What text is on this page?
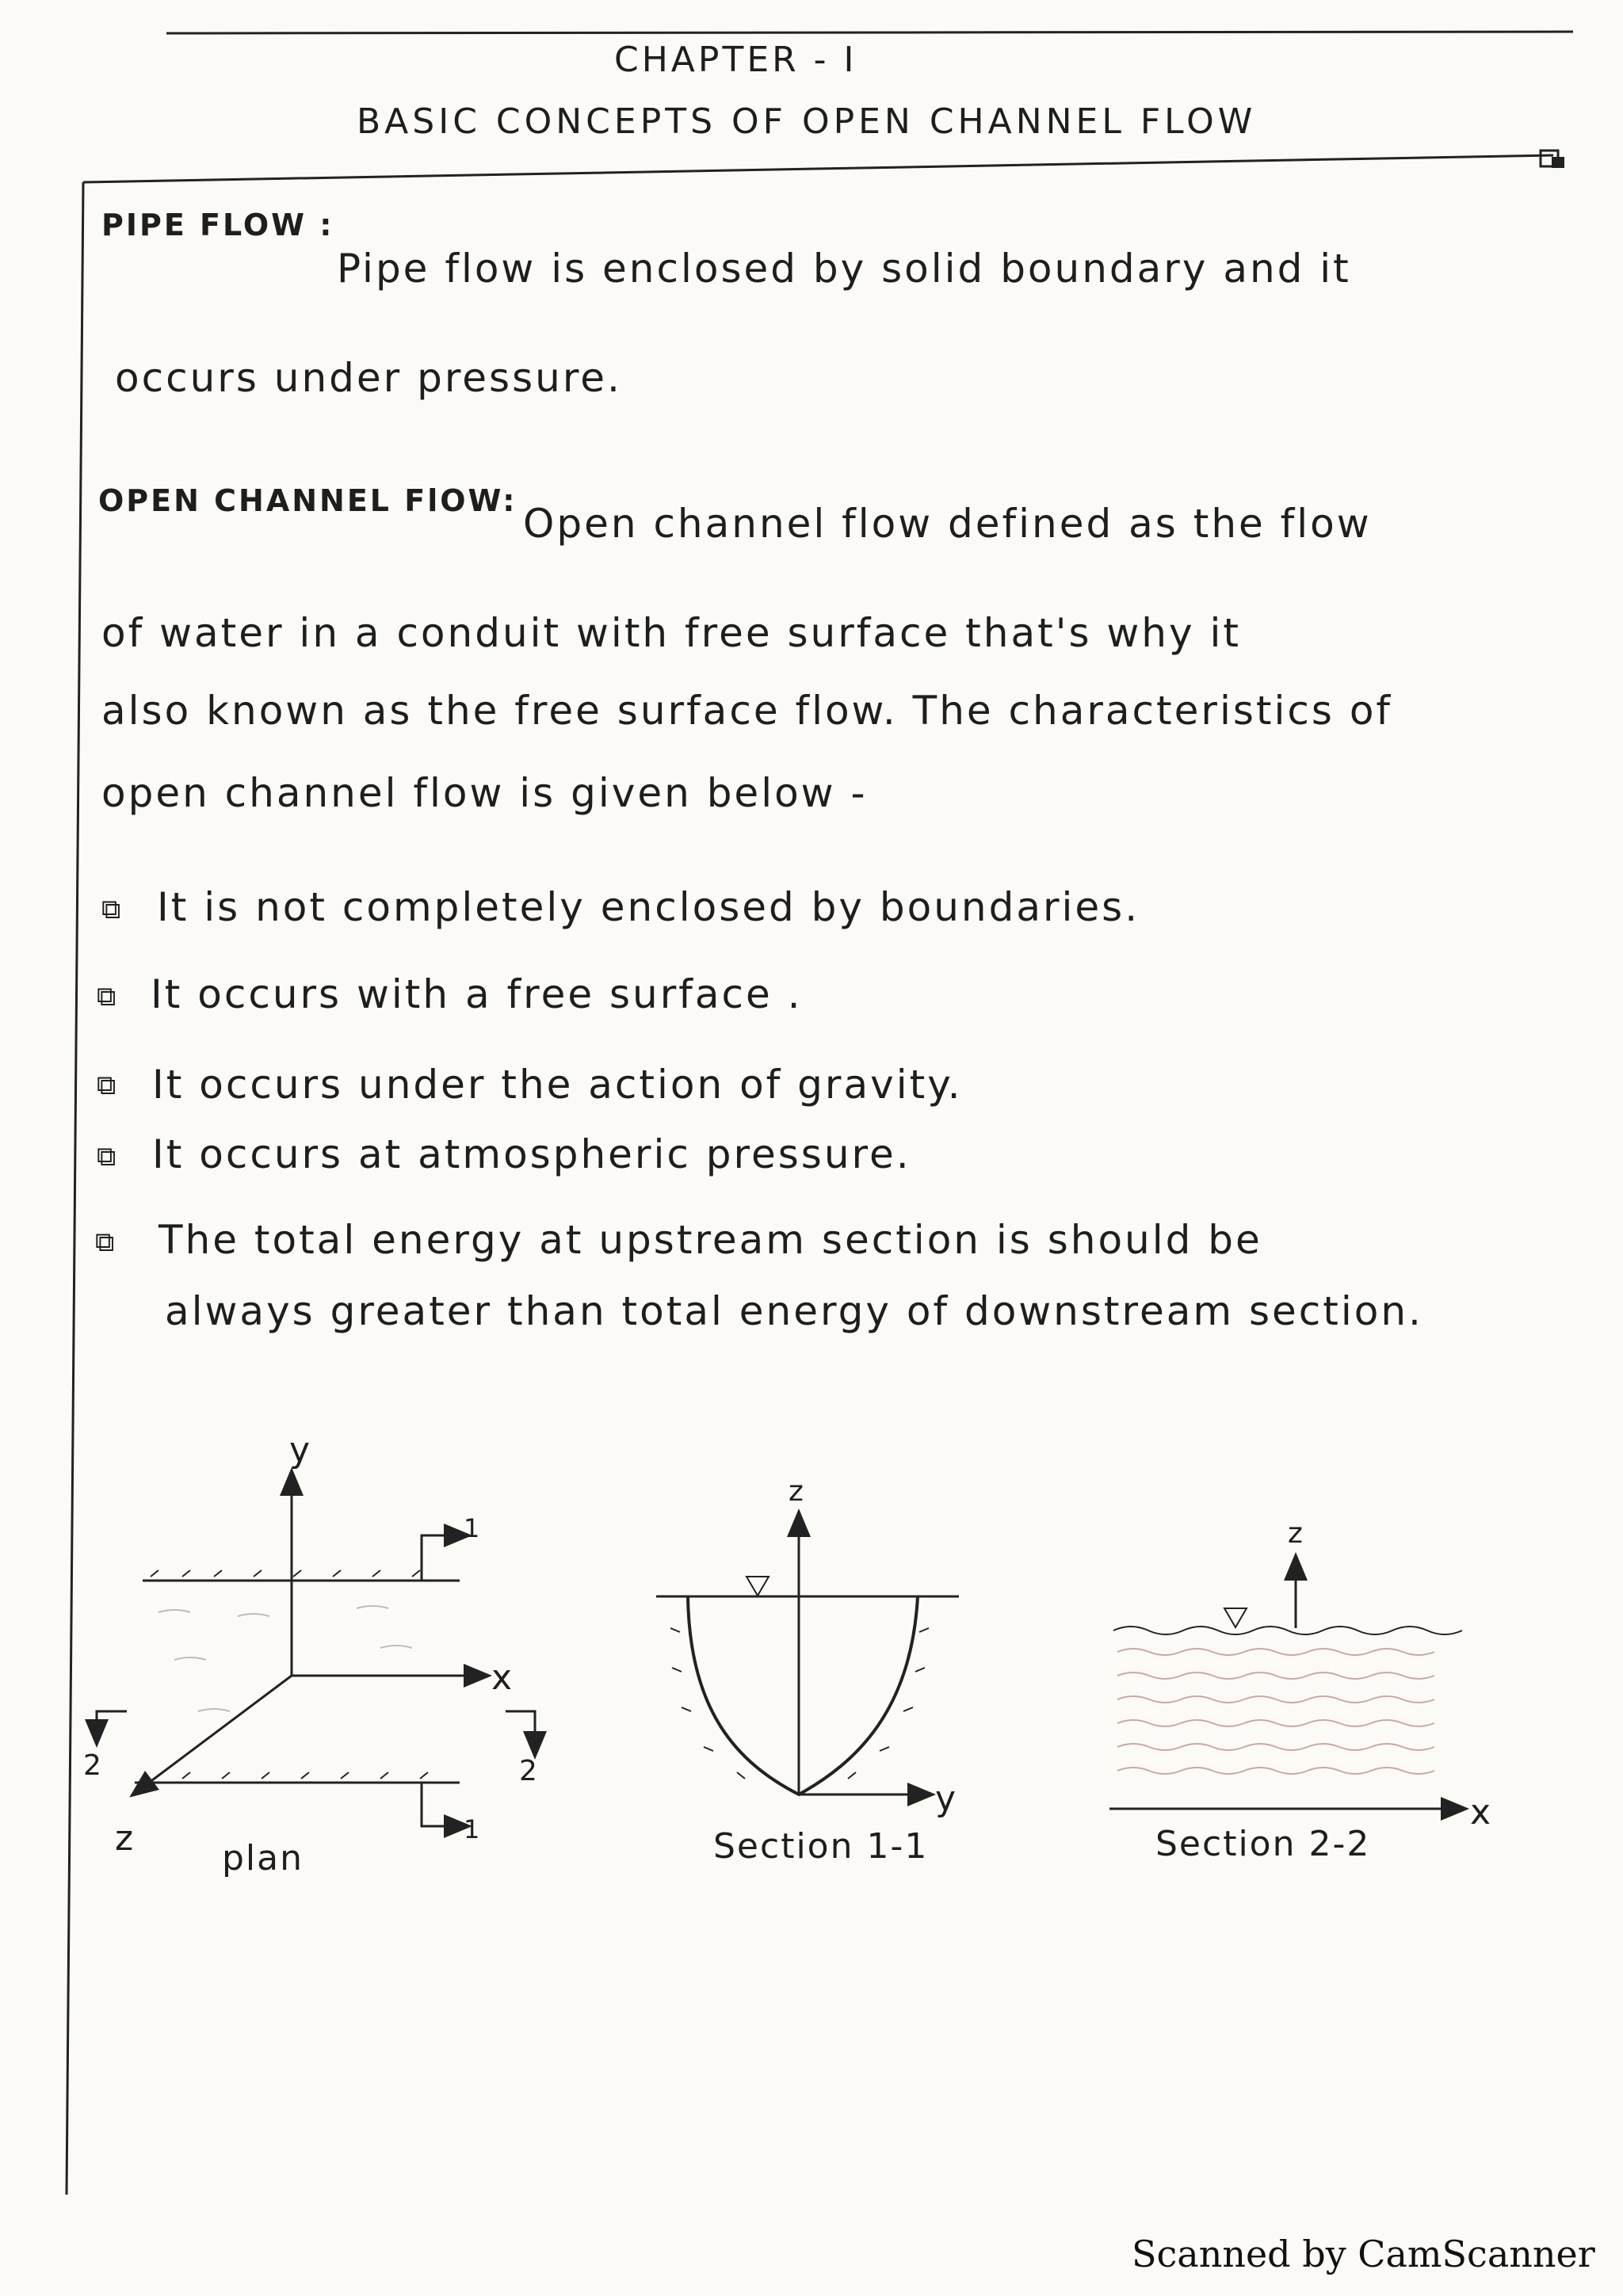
CHAPTER - I
BASIC CONCEPTS OF OPEN CHANNEL FLOW
PIPE FLOW :
Pipe flow is enclosed by solid boundary and it
occurs under pressure.
OPEN CHANNEL FlOW: Open channel flow defined as the flow
of water in a conduit with free surface that's why it
also known as the free surface flow. The characteristics of
open channel flow is given below -
⧉ It is not completely enclosed by boundaries.
⧉ It occurs with a free surface .
⧉ It occurs under the action of gravity.
⧉ It occurs at atmospheric pressure.
⧉ The total energy at upstream section is should be
always greater than total energy of downstream section.
y
x
z
1
1
2	2
plan
z
y
Section 1-1
z
x
Section 2-2
Scanned by CamScanner
